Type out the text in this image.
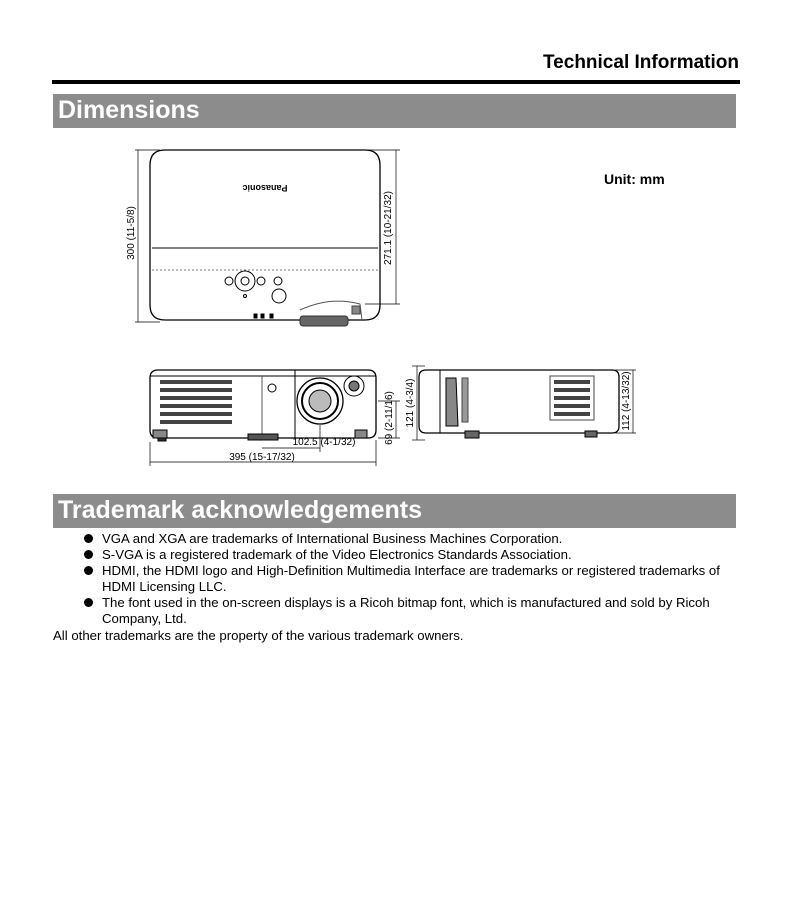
Technical Information
Dimensions
Unit: mm
Panasonic
300 (11-5/8)	271.1 (10-21/32)
395 (15-17/32)
102.5 (4-1/32)	69 (2-11/16) 121 (4-3/4)	112 (4-13/32)
Trademark acknowledgements
VGA and XGA are trademarks of International Business Machines Corporation.
S-VGA is a registered trademark of the Video Electronics Standards Association.
HDMI, the HDMI logo and High-Definition Multimedia Interface are trademarks or registered trademarks of HDMI Licensing LLC.
The font used in the on-screen displays is a Ricoh bitmap font, which is manufactured and sold by Ricoh Company, Ltd.
All other trademarks are the property of the various trademark owners.
